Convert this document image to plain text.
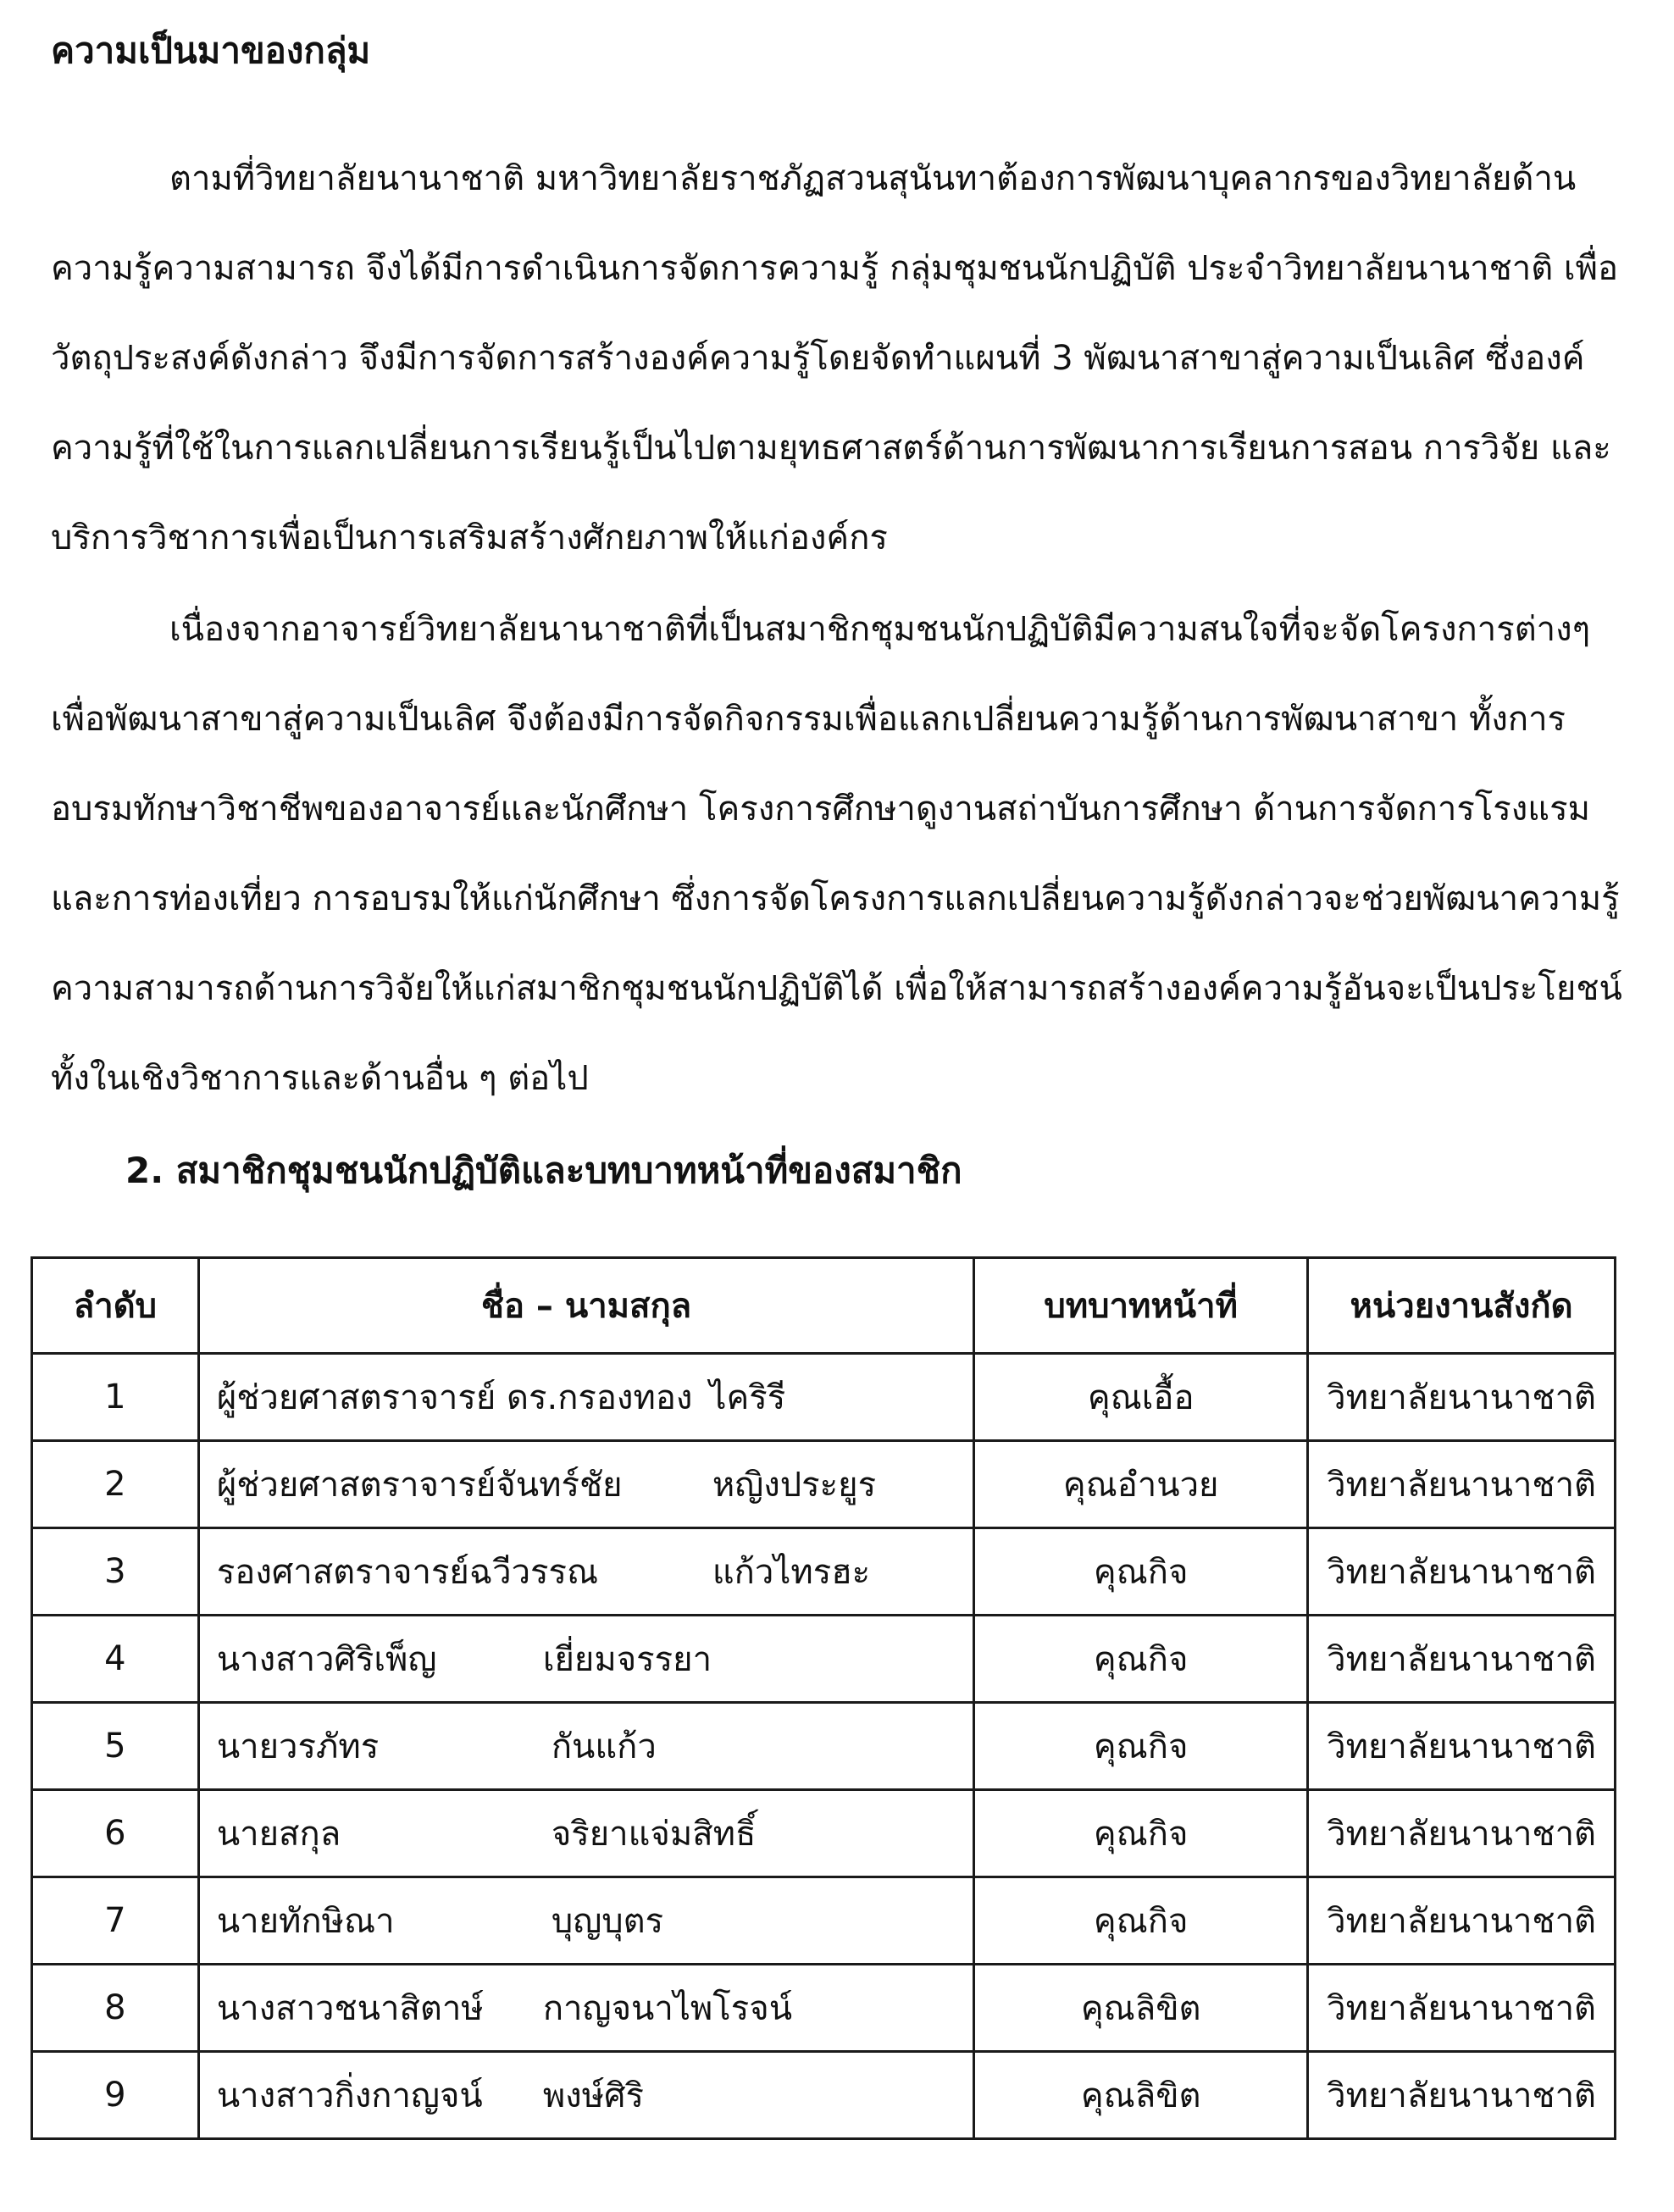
ความเป็นมาของกลุ่ม
ตามที่วิทยาลัยนานาชาติ มหาวิทยาลัยราชภัฏสวนสุนันทาต้องการพัฒนาบุคลากรของวิทยาลัยด้าน
ความรู้ความสามารถ จึงได้มีการดำเนินการจัดการความรู้ กลุ่มชุมชนนักปฏิบัติ ประจำวิทยาลัยนานาชาติ เพื่อ
วัตถุประสงค์ดังกล่าว จึงมีการจัดการสร้างองค์ความรู้โดยจัดทำแผนที่ 3 พัฒนาสาขาสู่ความเป็นเลิศ ซึ่งองค์
ความรู้ที่ใช้ในการแลกเปลี่ยนการเรียนรู้เป็นไปตามยุทธศาสตร์ด้านการพัฒนาการเรียนการสอน การวิจัย และ
บริการวิชาการเพื่อเป็นการเสริมสร้างศักยภาพให้แก่องค์กร
เนื่องจากอาจารย์วิทยาลัยนานาชาติที่เป็นสมาชิกชุมชนนักปฏิบัติมีความสนใจที่จะจัดโครงการต่างๆ
เพื่อพัฒนาสาขาสู่ความเป็นเลิศ จึงต้องมีการจัดกิจกรรมเพื่อแลกเปลี่ยนความรู้ด้านการพัฒนาสาขา ทั้งการ
อบรมทักษาวิชาชีพของอาจารย์และนักศึกษา โครงการศึกษาดูงานสถ่าบันการศึกษา ด้านการจัดการโรงแรม
และการท่องเที่ยว การอบรมให้แก่นักศึกษา ซึ่งการจัดโครงการแลกเปลี่ยนความรู้ดังกล่าวจะช่วยพัฒนาความรู้
ความสามารถด้านการวิจัยให้แก่สมาชิกชุมชนนักปฏิบัติได้ เพื่อให้สามารถสร้างองค์ความรู้อันจะเป็นประโยชน์
ทั้งในเชิงวิชาการและด้านอื่น ๆ ต่อไป
2. สมาชิกชุมชนนักปฏิบัติและบทบาทหน้าที่ของสมาชิก
ลำดับ	ชื่อ – นามสกุล	บทบาทหน้าที่	หน่วยงานสังกัด
1	ผู้ช่วยศาสตราจารย์ ดร.กรองทอง ไคริรี	คุณเอื้อ	วิทยาลัยนานาชาติ
2	ผู้ช่วยศาสตราจารย์จันทร์ชัย หญิงประยูร	คุณอำนวย	วิทยาลัยนานาชาติ
3	รองศาสตราจารย์ฉวีวรรณ แก้วไทรฮะ	คุณกิจ	วิทยาลัยนานาชาติ
4	นางสาวศิริเพ็ญ เยี่ยมจรรยา	คุณกิจ	วิทยาลัยนานาชาติ
5	นายวรภัทร กันแก้ว	คุณกิจ	วิทยาลัยนานาชาติ
6	นายสกุล จริยาแจ่มสิทธิ์	คุณกิจ	วิทยาลัยนานาชาติ
7	นายทักษิณา บุญบุตร	คุณกิจ	วิทยาลัยนานาชาติ
8	นางสาวชนาสิตาษ์ กาญจนาไพโรจน์	คุณลิขิต	วิทยาลัยนานาชาติ
9	นางสาวกิ่งกาญจน์ พงษ์ศิริ	คุณลิขิต	วิทยาลัยนานาชาติ
